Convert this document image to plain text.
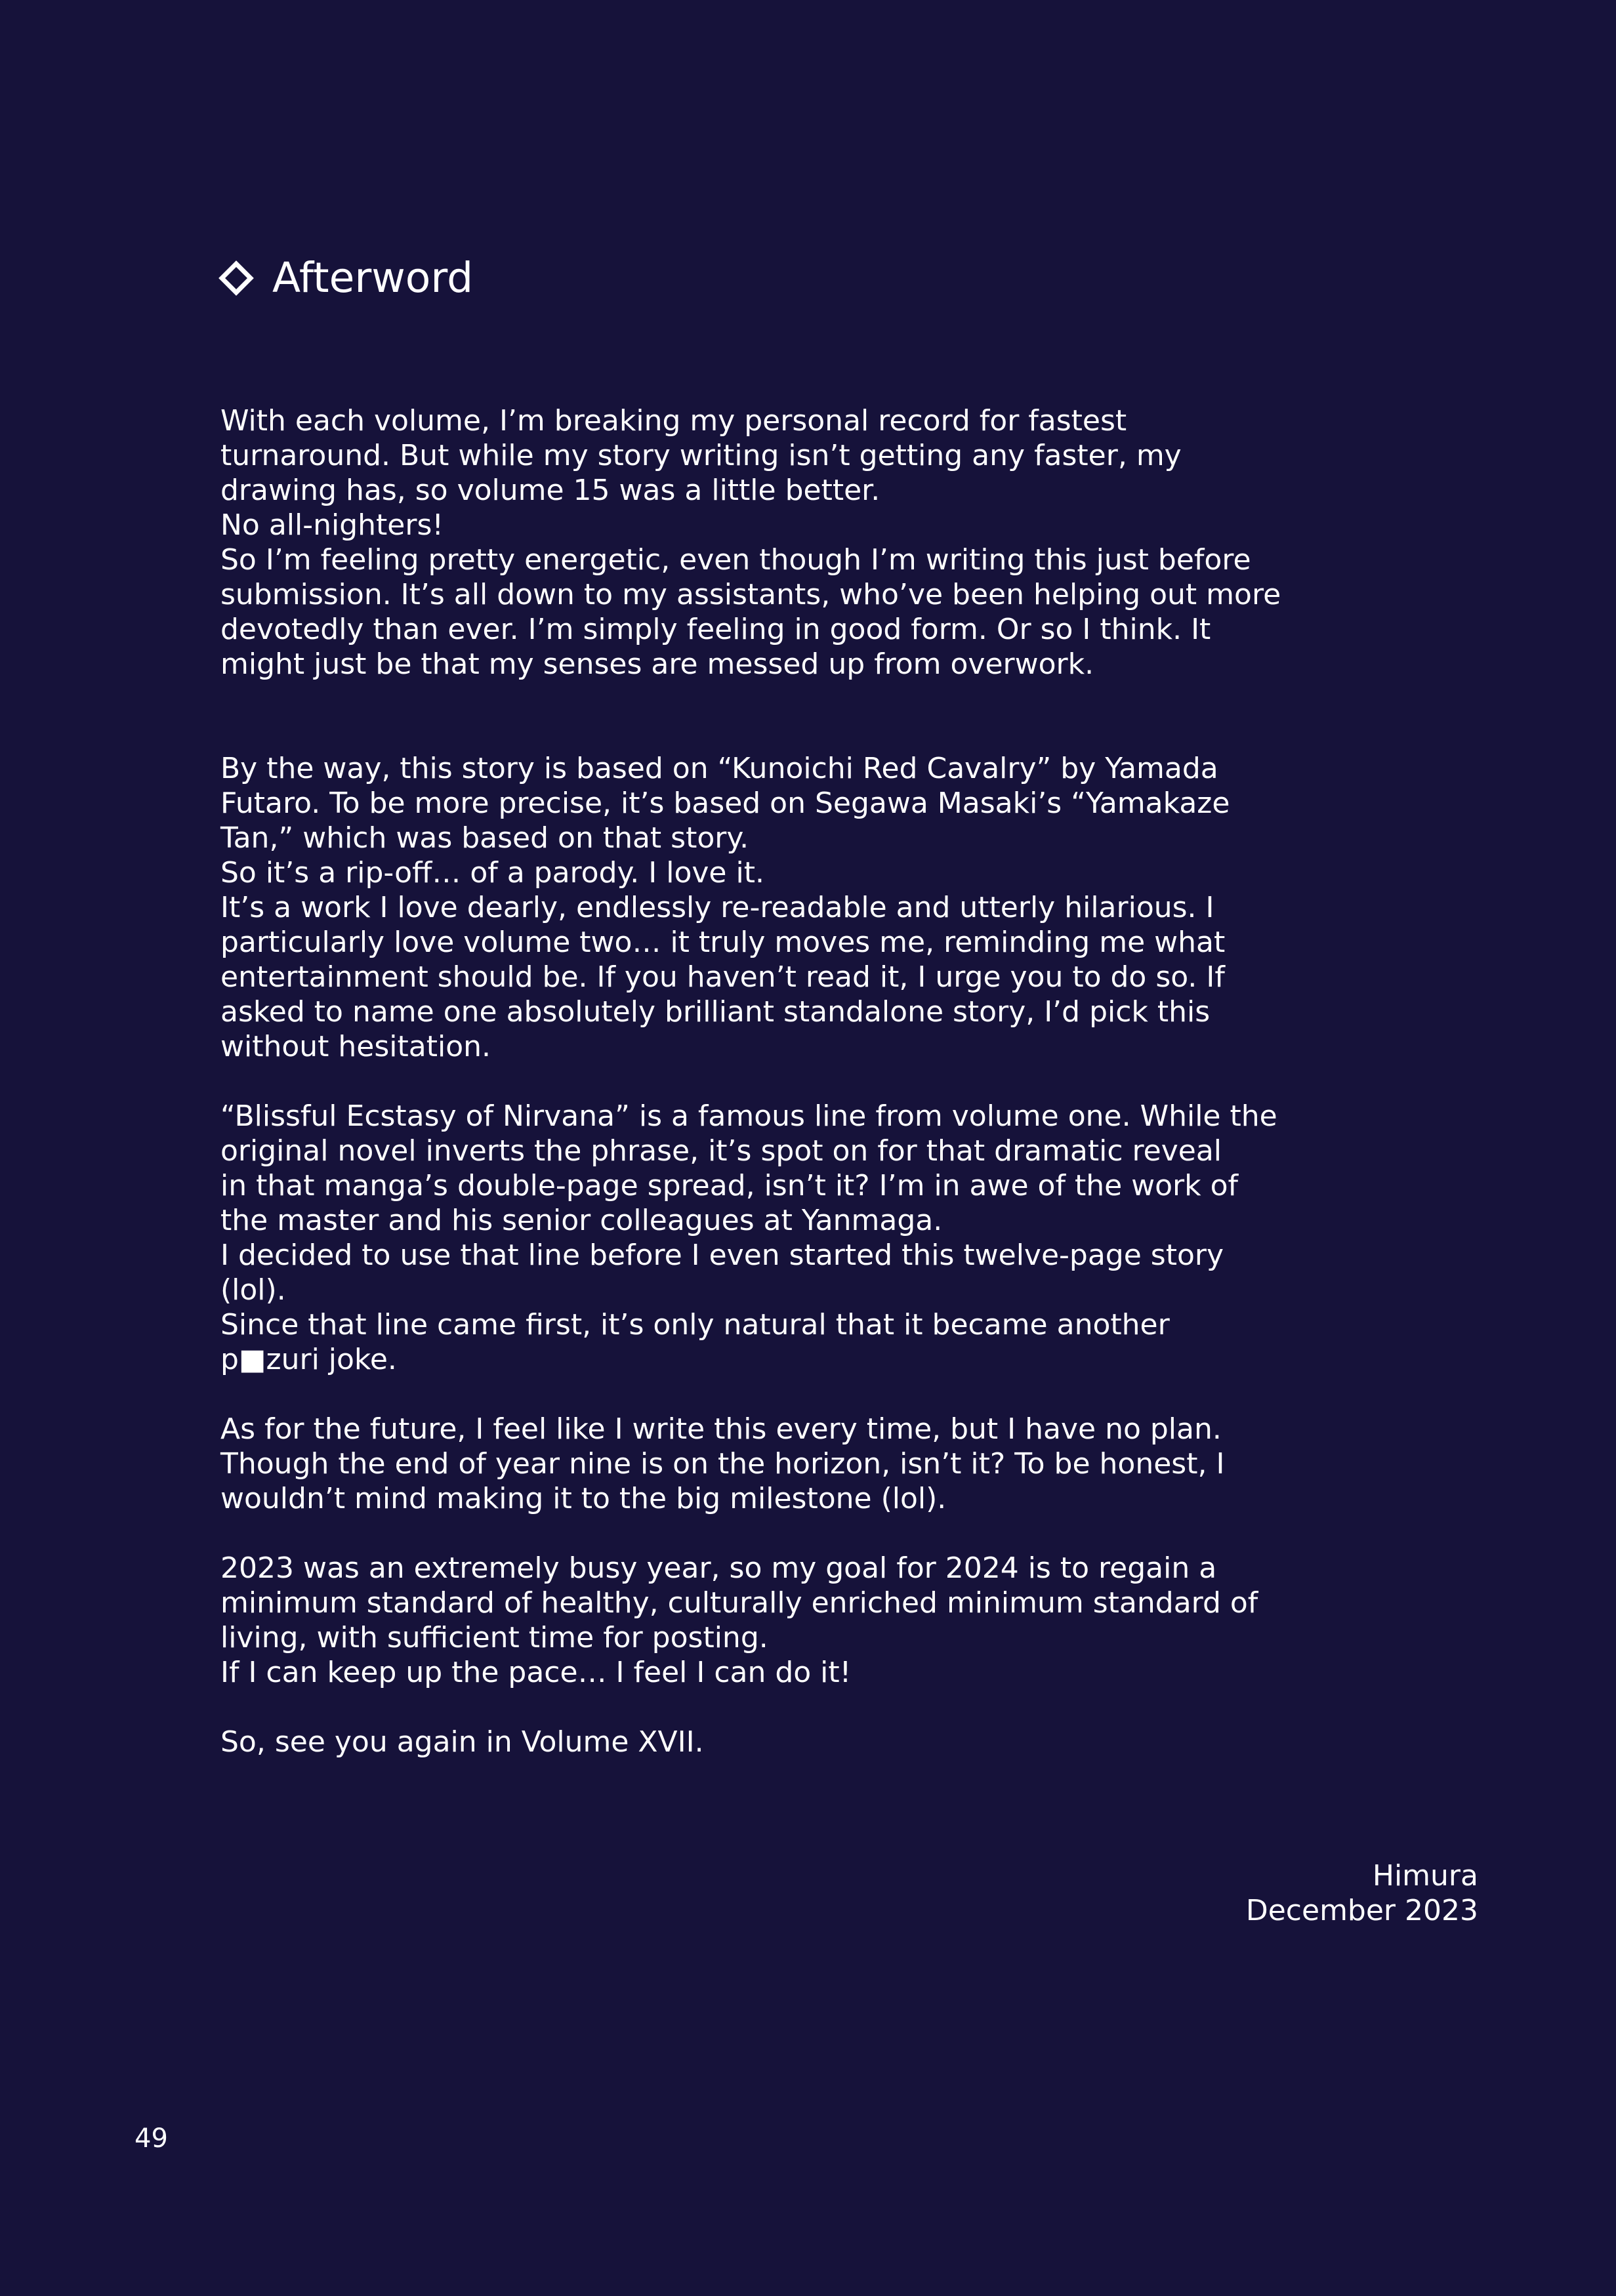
Afterword
With each volume, I’m breaking my personal record for fastest
turnaround. But while my story writing isn’t getting any faster, my
drawing has, so volume 15 was a little better.
No all-nighters!
So I’m feeling pretty energetic, even though I’m writing this just before
submission. It’s all down to my assistants, who’ve been helping out more
devotedly than ever. I’m simply feeling in good form. Or so I think. It
might just be that my senses are messed up from overwork.
By the way, this story is based on “Kunoichi Red Cavalry” by Yamada
Futaro. To be more precise, it’s based on Segawa Masaki’s “Yamakaze
Tan,” which was based on that story.
So it’s a rip-off… of a parody. I love it.
It’s a work I love dearly, endlessly re-readable and utterly hilarious. I
particularly love volume two… it truly moves me, reminding me what
entertainment should be. If you haven’t read it, I urge you to do so. If
asked to name one absolutely brilliant standalone story, I’d pick this
without hesitation.
“Blissful Ecstasy of Nirvana” is a famous line from volume one. While the
original novel inverts the phrase, it’s spot on for that dramatic reveal
in that manga’s double-page spread, isn’t it? I’m in awe of the work of
the master and his senior colleagues at Yanmaga.
I decided to use that line before I even started this twelve-page story
(lol).
Since that line came first, it’s only natural that it became another
p■zuri joke.
As for the future, I feel like I write this every time, but I have no plan.
Though the end of year nine is on the horizon, isn’t it? To be honest, I
wouldn’t mind making it to the big milestone (lol).
2023 was an extremely busy year, so my goal for 2024 is to regain a
minimum standard of healthy, culturally enriched minimum standard of
living, with sufficient time for posting.
If I can keep up the pace… I feel I can do it!
So, see you again in Volume XVII.
Himura
December 2023
49
